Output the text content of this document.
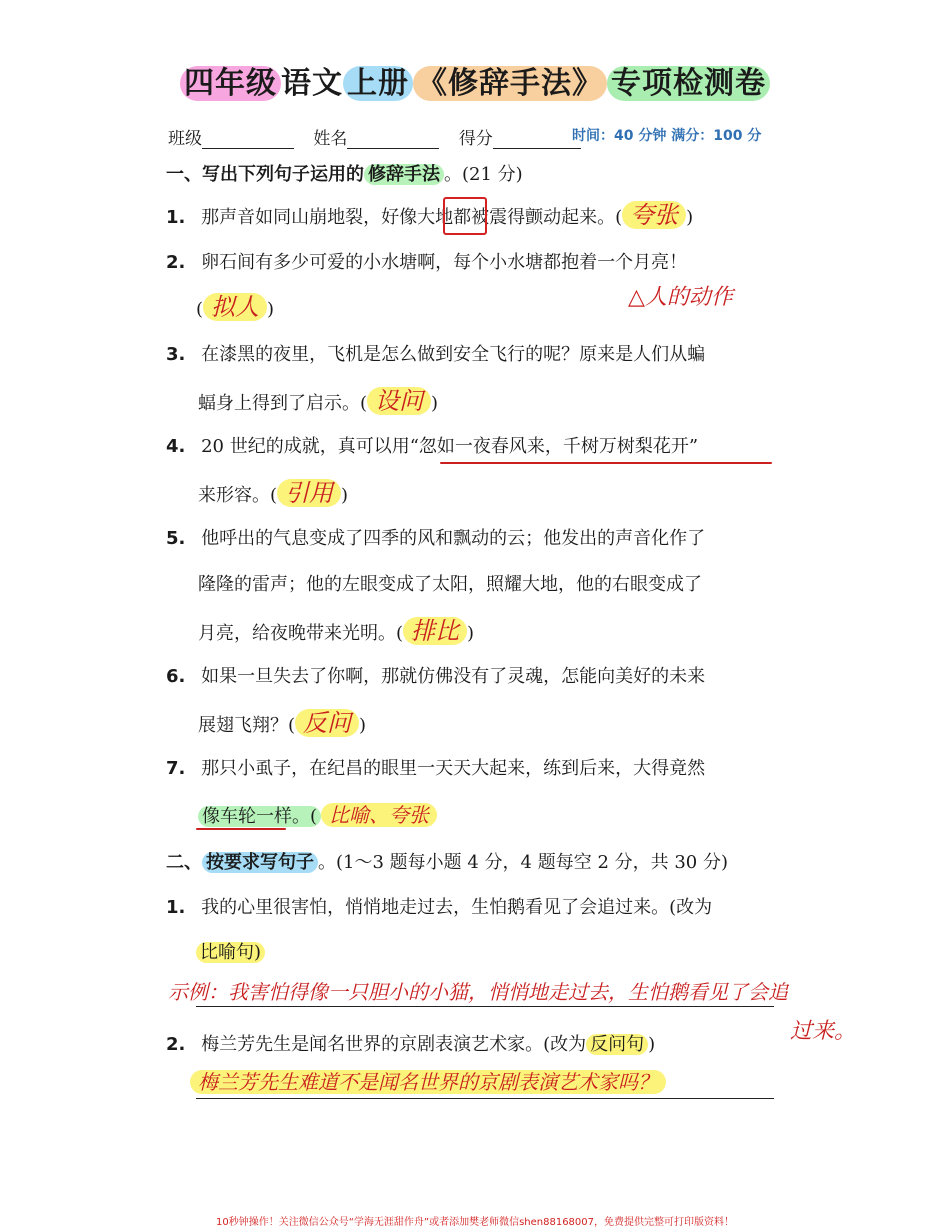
四年级 语文 上册 《修辞手法》 专项检测卷
班级	姓名	得分	时间：40 分钟 满分：100 分
一、写出下列句子运用的 修辞手法 。(21 分)
1. 那声音如同山崩地裂，好像大地都被震得颤动起来。( 夸张 )
2. 卵石间有多少可爱的小水塘啊，每个小水塘都抱着一个月亮！
( 拟人 )	△人的动作
3. 在漆黑的夜里，飞机是怎么做到安全飞行的呢？原来是人们从蝙
蝠身上得到了启示。( 设问 )
4. 20 世纪的成就，真可以用“忽如一夜春风来，千树万树梨花开”
来形容。( 引用 )
5. 他呼出的气息变成了四季的风和飘动的云；他发出的声音化作了
隆隆的雷声；他的左眼变成了太阳，照耀大地，他的右眼变成了
月亮，给夜晚带来光明。( 排比 )
6. 如果一旦失去了你啊，那就仿佛没有了灵魂，怎能向美好的未来
展翅飞翔？( 反问 )
7. 那只小虱子，在纪昌的眼里一天天大起来，练到后来，大得竟然
像车轮一样。( 比喻、夸张
二、 按要求写句子 。(1～3 题每小题 4 分，4 题每空 2 分，共 30 分)
1. 我的心里很害怕，悄悄地走过去，生怕鹅看见了会追过来。(改为
比喻句)
示例：我害怕得像一只胆小的小猫，悄悄地走过去，生怕鹅看见了会追
过来。
2. 梅兰芳先生是闻名世界的京剧表演艺术家。(改为 反问句 )
梅兰芳先生难道不是闻名世界的京剧表演艺术家吗？
10秒钟操作！关注微信公众号“学海无涯甜作舟”或者添加樊老师微信shen88168007，免费提供完整可打印版资料！
